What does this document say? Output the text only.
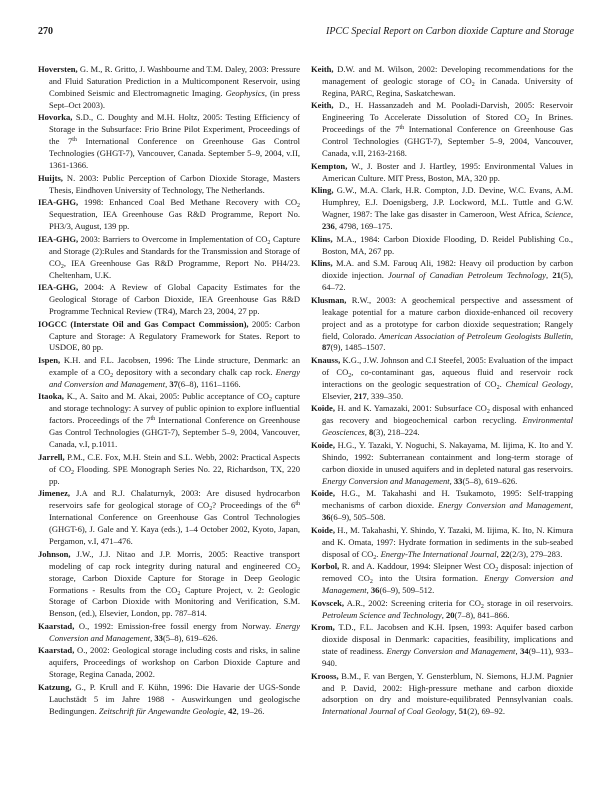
270	IPCC Special Report on Carbon dioxide Capture and Storage

Hoversten, G. M., R. Gritto, J. Washbourne and T.M. Daley, 2003: Pressure and Fluid Saturation Prediction in a Multicomponent Reservoir, using Combined Seismic and Electromagnetic Imaging. Geophysics, (in press Sept–Oct 2003).

Hovorka, S.D., C. Doughty and M.H. Holtz, 2005: Testing Efficiency of Storage in the Subsurface: Frio Brine Pilot Experiment, Proceedings of the 7th International Conference on Greenhouse Gas Control Technologies (GHGT-7), Vancouver, Canada. September 5–9, 2004, v.II, 1361-1366.

Huijts, N. 2003: Public Perception of Carbon Dioxide Storage, Masters Thesis, Eindhoven University of Technology, The Netherlands.

IEA-GHG, 1998: Enhanced Coal Bed Methane Recovery with $CO_2$ Sequestration, IEA Greenhouse Gas R&D Programme, Report No. PH3/3, August, 139 pp.

IEA-GHG, 2003: Barriers to Overcome in Implementation of $CO_2$ Capture and Storage (2):Rules and Standards for the Transmission and Storage of $CO_2$, IEA Greenhouse Gas R&D Programme, Report No. PH4/23. Cheltenham, U.K.

IEA-GHG, 2004: A Review of Global Capacity Estimates for the Geological Storage of Carbon Dioxide, IEA Greenhouse Gas R&D Programme Technical Review (TR4), March 23, 2004, 27 pp.

IOGCC (Interstate Oil and Gas Compact Commission), 2005: Carbon Capture and Storage: A Regulatory Framework for States. Report to USDOE, 80 pp.

Ispen, K.H. and F.L. Jacobsen, 1996: The Linde structure, Denmark: an example of a $CO_2$ depository with a secondary chalk cap rock. Energy and Conversion and Management, 37(6–8), 1161–1166.

Itaoka, K., A. Saito and M. Akai, 2005: Public acceptance of $CO_2$ capture and storage technology: A survey of public opinion to explore influential factors. Proceedings of the 7th International Conference on Greenhouse Gas Control Technologies (GHGT-7), September 5–9, 2004, Vancouver, Canada, v.I, p.1011.

Jarrell, P.M., C.E. Fox, M.H. Stein and S.L. Webb, 2002: Practical Aspects of $CO_2$ Flooding. SPE Monograph Series No. 22, Richardson, TX, 220 pp.

Jimenez, J.A and R.J. Chalaturnyk, 2003: Are disused hydrocarbon reservoirs safe for geological storage of $CO_2$? Proceedings of the 6th International Conference on Greenhouse Gas Control Technologies (GHGT-6), J. Gale and Y. Kaya (eds.), 1–4 October 2002, Kyoto, Japan, Pergamon, v.I, 471–476.

Johnson, J.W., J.J. Nitao and J.P. Morris, 2005: Reactive transport modeling of cap rock integrity during natural and engineered $CO_2$ storage, Carbon Dioxide Capture for Storage in Deep Geologic Formations - Results from the $CO_2$ Capture Project, v. 2: Geologic Storage of Carbon Dioxide with Monitoring and Verification, S.M. Benson, (ed.), Elsevier, London, pp. 787–814.

Kaarstad, O., 1992: Emission-free fossil energy from Norway. Energy Conversion and Management, 33(5–8), 619–626.

Kaarstad, O., 2002: Geological storage including costs and risks, in saline aquifers, Proceedings of workshop on Carbon Dioxide Capture and Storage, Regina Canada, 2002.

Katzung, G., P. Krull and F. Kühn, 1996: Die Havarie der UGS-Sonde Lauchstädt 5 im Jahre 1988 - Auswirkungen und geologische Bedingungen. Zeitschrift für Angewandte Geologie, 42, 19–26.

Keith, D.W. and M. Wilson, 2002: Developing recommendations for the management of geologic storage of $CO_2$ in Canada. University of Regina, PARC, Regina, Saskatchewan.

Keith, D., H. Hassanzadeh and M. Pooladi-Darvish, 2005: Reservoir Engineering To Accelerate Dissolution of Stored $CO_2$ In Brines. Proceedings of the 7th International Conference on Greenhouse Gas Control Technologies (GHGT-7), September 5–9, 2004, Vancouver, Canada, v.II, 2163-2168.

Kempton, W., J. Boster and J. Hartley, 1995: Environmental Values in American Culture. MIT Press, Boston, MA, 320 pp.

Kling, G.W., M.A. Clark, H.R. Compton, J.D. Devine, W.C. Evans, A.M. Humphrey, E.J. Doenigsberg, J.P. Lockword, M.L. Tuttle and G.W. Wagner, 1987: The lake gas disaster in Cameroon, West Africa, Science, 236, 4798, 169–175.

Klins, M.A., 1984: Carbon Dioxide Flooding, D. Reidel Publishing Co., Boston, MA, 267 pp.

Klins, M.A. and S.M. Farouq Ali, 1982: Heavy oil production by carbon dioxide injection. Journal of Canadian Petroleum Technology, 21(5), 64–72.

Klusman, R.W., 2003: A geochemical perspective and assessment of leakage potential for a mature carbon dioxide-enhanced oil recovery project and as a prototype for carbon dioxide sequestration; Rangely field, Colorado. American Association of Petroleum Geologists Bulletin, 87(9), 1485–1507.

Knauss, K.G., J.W. Johnson and C.I Steefel, 2005: Evaluation of the impact of $CO_2$, co-contaminant gas, aqueous fluid and reservoir rock interactions on the geologic sequestration of $CO_2$. Chemical Geology, Elsevier, 217, 339–350.

Koide, H. and K. Yamazaki, 2001: Subsurface $CO_2$ disposal with enhanced gas recovery and biogeochemical carbon recycling. Environmental Geosciences, 8(3), 218–224.

Koide, H.G., Y. Tazaki, Y. Noguchi, S. Nakayama, M. Iijima, K. Ito and Y. Shindo, 1992: Subterranean containment and long-term storage of carbon dioxide in unused aquifers and in depleted natural gas reservoirs. Energy Conversion and Management, 33(5–8), 619–626.

Koide, H.G., M. Takahashi and H. Tsukamoto, 1995: Self-trapping mechanisms of carbon dioxide. Energy Conversion and Management, 36(6–9), 505–508.

Koide, H., M. Takahashi, Y. Shindo, Y. Tazaki, M. Iijima, K. Ito, N. Kimura and K. Omata, 1997: Hydrate formation in sediments in the sub-seabed disposal of $CO_2$. Energy-The International Journal, 22(2/3), 279–283.

Korbol, R. and A. Kaddour, 1994: Sleipner West $CO_2$ disposal: injection of removed $CO_2$ into the Utsira formation. Energy Conversion and Management, 36(6–9), 509–512.

Kovscek, A.R., 2002: Screening criteria for $CO_2$ storage in oil reservoirs. Petroleum Science and Technology, 20(7–8), 841–866.

Krom, T.D., F.L. Jacobsen and K.H. Ipsen, 1993: Aquifer based carbon dioxide disposal in Denmark: capacities, feasibility, implications and state of readiness. Energy Conversion and Management, 34(9–11), 933–940.

Krooss, B.M., F. van Bergen, Y. Gensterblum, N. Siemons, H.J.M. Pagnier and P. David, 2002: High-pressure methane and carbon dioxide adsorption on dry and moisture-equilibrated Pennsylvanian coals. International Journal of Coal Geology, 51(2), 69–92.
